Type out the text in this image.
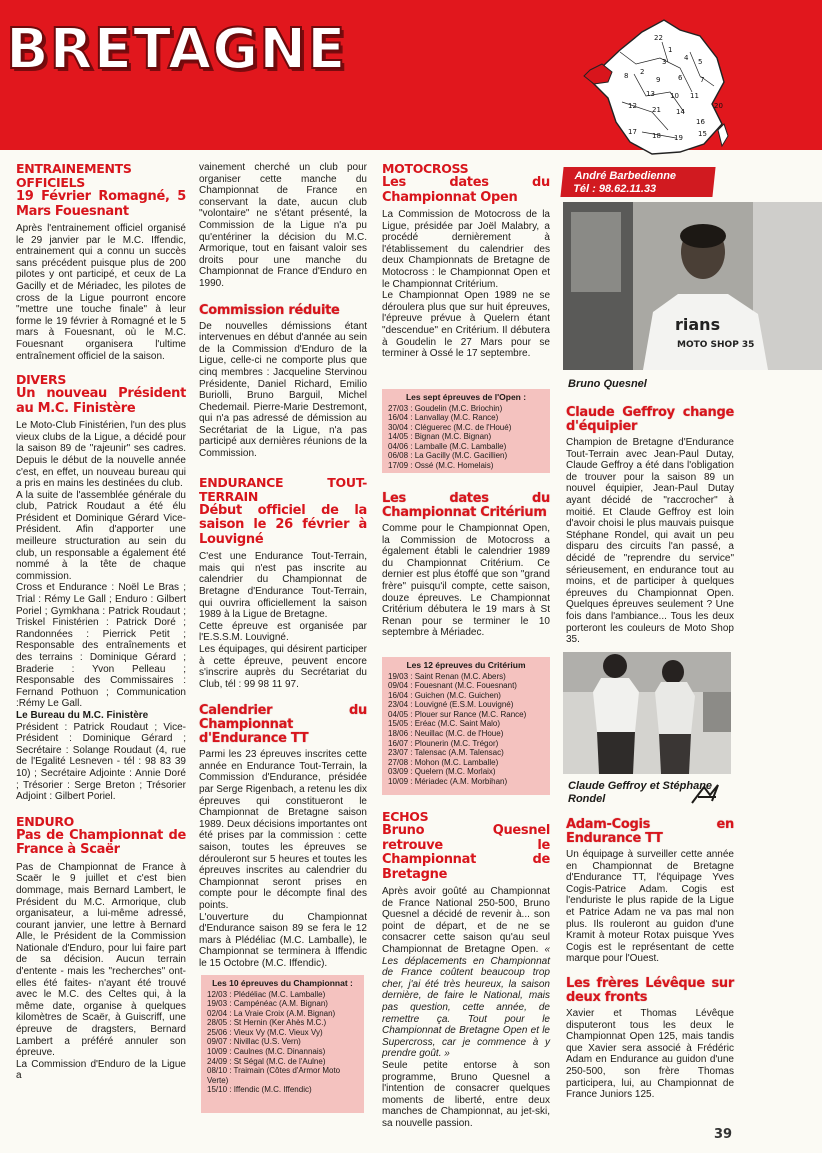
BRETAGNE	22
1
3	4 5
8 2
9	6	7
13 10 11
12 21 14
16
17 18 19 15
20
André Barbedienne
Tél : 98.62.11.33
ENTRAINEMENTS OFFICIELS
19 Février Romagné, 5 Mars Fouesnant

Après l'entrainement officiel organisé le 29 janvier par le M.C. Iffendic, entrainement qui a connu un succès sans précédent puisque plus de 200 pilotes y ont participé, et ceux de La Gacilly et de Mériadec, les pilotes de cross de la Ligue pourront encore "mettre une touche finale" à leur forme le 19 février à Romagné et le 5 mars à Fouesnant, où le M.C. Fouesnant organisera l'ultime entraînement officiel de la saison.

DIVERS
Un nouveau Président au M.C. Finistère

Le Moto-Club Finistérien, l'un des plus vieux clubs de la Ligue, a décidé pour la saison 89 de "rajeunir" ses cadres. Depuis le début de la nouvelle année c'est, en effet, un nouveau bureau qui a pris en mains les destinées du club.

A la suite de l'assemblée générale du club, Patrick Roudaut a été élu Président et Dominique Gérard Vice-Président. Afin d'apporter une meilleure structuration au sein du club, un responsable a également été nommé à la tête de chaque commission.

Cross et Endurance : Noël Le Bras ; Trial : Rémy Le Gall ; Enduro : Gilbert Poriel ; Gymkhana : Patrick Roudaut ; Triskel Finistérien : Patrick Doré ; Randonnées : Pierrick Petit ; Responsable des entraînements et des terrains : Dominique Gérard ; Braderie : Yvon Pelleau ; Responsable des Commissaires : Fernand Pothuon ; Communication :Rémy Le Gall.

Le Bureau du M.C. Finistère

Président : Patrick Roudaut ; Vice-Président : Dominique Gérard ; Secrétaire : Solange Roudaut (4, rue de l'Egalité Lesneven - tél : 98 83 39 10) ; Secrétaire Adjointe : Annie Doré ; Trésorier : Serge Breton ; Trésorier Adjoint : Gilbert Poriel.

ENDURO
Pas de Championnat de France à Scaër

Pas de Championnat de France à Scaër le 9 juillet et c'est bien dommage, mais Bernard Lambert, le Président du M.C. Armorique, club organisateur, a lui-même adressé, courant janvier, une lettre à Bernard Alle, le Président de la Commission Nationale d'Enduro, pour lui faire part de sa décision. Aucun terrain d'entente - mais les "recherches" ont-elles été faites- n'ayant été trouvé avec le M.C. des Celtes qui, à la même date, organise à quelques kilomètres de Scaër, à Guiscriff, une épreuve de dragsters, Bernard Lambert a préféré annuler son épreuve.

La Commission d'Enduro de la Ligue a

vainement cherché un club pour organiser cette manche du Championnat de France en conservant la date, aucun club "volontaire" ne s'étant présenté, la Commission de la Ligue n'a pu qu'entériner la décision du M.C. Armorique, tout en faisant valoir ses droits pour une manche du Championnat de France d'Enduro en 1990.

Commission réduite

De nouvelles démissions étant intervenues en début d'année au sein de la Commission d'Enduro de la Ligue, celle-ci ne comporte plus que cinq membres : Jacqueline Stervinou Présidente, Daniel Richard, Emilio Buriolli, Bruno Barguil, Michel Chedemail. Pierre-Marie Destremont, qui n'a pas adressé de démission au Secrétariat de la Ligue, n'a pas participé aux dernières réunions de la Commission.

ENDURANCE TOUT-TERRAIN
Début officiel de la saison le 26 février à Louvigné

C'est une Endurance Tout-Terrain, mais qui n'est pas inscrite au calendrier du Championnat de Bretagne d'Endurance Tout-Terrain, qui ouvrira officiellement la saison 1989 à la Ligue de Bretagne.

Cette épreuve est organisée par l'E.S.S.M. Louvigné.

Les équipages, qui désirent participer à cette épreuve, peuvent encore s'inscrire auprès du Secrétariat du Club, tél : 99 98 11 97.

Calendrier du Championnat d'Endurance TT

Parmi les 23 épreuves inscrites cette année en Endurance Tout-Terrain, la Commission d'Endurance, présidée par Serge Rigenbach, a retenu les dix épreuves qui constitueront le Championnat de Bretagne saison 1989. Deux décisions importantes ont été prises par la commission : cette saison, toutes les épreuves se dérouleront sur 5 heures et toutes les épreuves inscrites au calendrier du Championnat seront prises en compte pour le décompte final des points.

L'ouverture du Championnat d'Endurance saison 89 se fera le 12 mars à Plédéliac (M.C. Lamballe), le Championnat se terminera à Iffendic le 15 Octobre (M.C. Iffendic).

Les 10 épreuves du Championnat :
12/03 : Plédéliac (M.C. Lamballe)
19/03 : Campénéac (A.M. Bignan)
02/04 : La Vraie Croix (A.M. Bignan)
28/05 : St Hernin (Ker Ahès M.C.)
25/06 : Vieux Vy (M.C. Vieux Vy)
09/07 : Nivillac (U.S. Vern)
10/09 : Caulnes (M.C. Dinannais)
24/09 : St Ségal (M.C. de l'Aulne)
08/10 : Traimain (Côtes d'Armor Moto Verte)
15/10 : Iffendic (M.C. Iffendic)
MOTOCROSS
Les dates du Championnat Open

La Commission de Motocross de la Ligue, présidée par Joël Malabry, a procédé dernièrement à l'établissement du calendrier des deux Championnats de Bretagne de Motocross : le Championnat Open et le Championnat Critérium.

Le Championnat Open 1989 ne se déroulera plus que sur huit épreuves, l'épreuve prévue à Quelern étant "descendue" en Critérium. Il débutera à Goudelin le 27 Mars pour se terminer à Ossé le 17 septembre.

Les sept épreuves de l'Open :
27/03 : Goudelin (M.C. Briochin)
16/04 : Lanvallay (M.C. Rance)
30/04 : Cléguerec (M.C. de l'Houé)
14/05 : Bignan (M.C. Bignan)
04/06 : Lamballe (M.C. Lamballe)
06/08 : La Gacilly (M.C. Gacillien)
17/09 : Ossé (M.C. Homelais)
Les dates du Championnat Critérium

Comme pour le Championnat Open, la Commission de Motocross a également établi le calendrier 1989 du Championnat Critérium. Ce dernier est plus étoffé que son "grand frère" puisqu'il compte, cette saison, douze épreuves. Le Championnat Critérium débutera le 19 mars à St Renan pour se terminer le 10 septembre à Mériadec.

Les 12 épreuves du Critérium
19/03 : Saint Renan (M.C. Abers)
09/04 : Fouesnant (M.C. Fouesnant)
16/04 : Guichen (M.C. Guichen)
23/04 : Louvigné (E.S.M. Louvigné)
04/05 : Plouer sur Rance (M.C. Rance)
15/05 : Eréac (M.C. Saint Malo)
18/06 : Neuillac (M.C. de l'Houe)
16/07 : Plounerin (M.C. Trégor)
23/07 : Talensac (A.M. Talensac)
27/08 : Mohon (M.C. Lamballe)
03/09 : Quelern (M.C. Morlaix)
10/09 : Mériadec (A.M. Morbihan)
ECHOS
Bruno Quesnel retrouve le Championnat de Bretagne

Après avoir goûté au Championnat de France National 250-500, Bruno Quesnel a décidé de revenir à... son point de départ, et de ne se consacrer cette saison qu'au seul Championnat de Bretagne Open. « Les déplacements en Championnat de France coûtent beaucoup trop cher, j'ai été très heureux, la saison dernière, de faire le National, mais pas question, cette année, de remettre ça. Tout pour le Championnat de Bretagne Open et le Supercross, car je commence à y prendre goût. »

Seule petite entorse à son programme, Bruno Quesnel a l'intention de consacrer quelques moments de liberté, entre deux manches de Championnat, au jet-ski, sa nouvelle passion.

rians
MOTO SHOP 35
Bruno Quesnel
Claude Geffroy change d'équipier

Champion de Bretagne d'Endurance Tout-Terrain avec Jean-Paul Dutay, Claude Geffroy a été dans l'obligation de trouver pour la saison 89 un nouvel équipier, Jean-Paul Dutay ayant décidé de "raccrocher" à moitié. Et Claude Geffroy est loin d'avoir choisi le plus mauvais puisque Stéphane Rondel, qui avait un peu disparu des circuits l'an passé, a décidé de "reprendre du service" sérieusement, en endurance tout au moins, et de participer à quelques épreuves du Championnat Open. Quelques épreuves seulement ? Une fois dans l'ambiance... Tous les deux porteront les couleurs de Moto Shop 35.

Claude Geffroy et Stéphane Rondel
Adam-Cogis en Endurance TT

Un équipage à surveiller cette année en Championnat de Bretagne d'Endurance TT, l'équipage Yves Cogis-Patrice Adam. Cogis est l'enduriste le plus rapide de la Ligue et Patrice Adam ne va pas mal non plus. Ils rouleront au guidon d'une Kramit à moteur Rotax puisque Yves Cogis est le représentant de cette marque pour l'Ouest.

Les frères Lévêque sur deux fronts

Xavier et Thomas Lévêque disputeront tous les deux le Championnat Open 125, mais tandis que Xavier sera associé à Frédéric Adam en Endurance au guidon d'une 250-500, son frère Thomas participera, lui, au Championnat de France Juniors 125.

39
